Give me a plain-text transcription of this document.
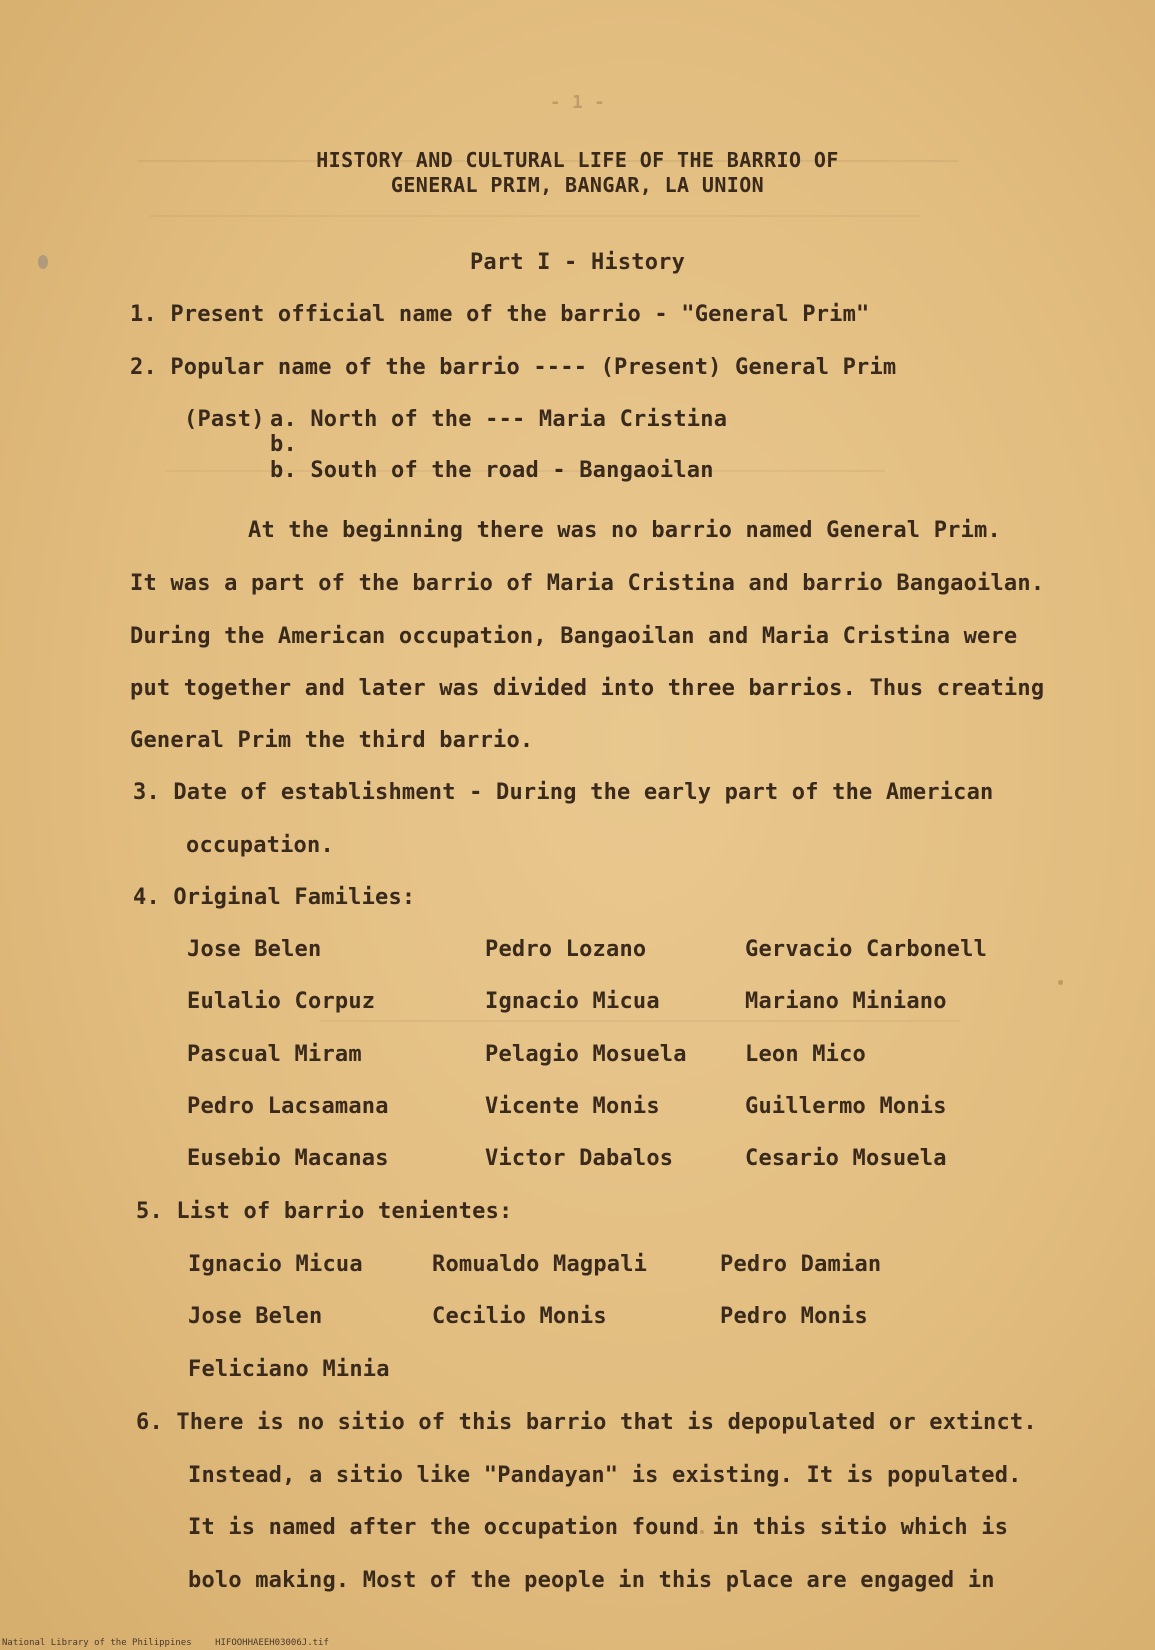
- 1 -
HISTORY AND CULTURAL LIFE OF THE BARRIO OF
GENERAL PRIM, BANGAR, LA UNION
Part I - History
1. Present official name of the barrio - "General Prim"
2. Popular name of the barrio ---- (Present) General Prim
(Past) a. North of the --- Maria Cristina
b.
b. South of the road - Bangaoilan
At the beginning there was no barrio named General Prim.
It was a part of the barrio of Maria Cristina and barrio Bangaoilan.
During the American occupation, Bangaoilan and Maria Cristina were
put together and later was divided into three barrios. Thus creating
General Prim the third barrio.
3. Date of establishment - During the early part of the American
occupation.
4. Original Families:
Jose Belen	Pedro Lozano	Gervacio Carbonell
Eulalio Corpuz	Ignacio Micua	Mariano Miniano
Pascual Miram	Pelagio Mosuela	Leon Mico
Pedro Lacsamana	Vicente Monis	Guillermo Monis
Eusebio Macanas	Victor Dabalos	Cesario Mosuela
5. List of barrio tenientes:
Ignacio Micua	Romualdo Magpali	Pedro Damian
Jose Belen	Cecilio Monis	Pedro Monis
Feliciano Minia
6. There is no sitio of this barrio that is depopulated or extinct.
Instead, a sitio like "Pandayan" is existing. It is populated.
It is named after the occupation found in this sitio which is
bolo making. Most of the people in this place are engaged in
National Library of the Philippines	HIFOOHHAEEH03006J.tif
